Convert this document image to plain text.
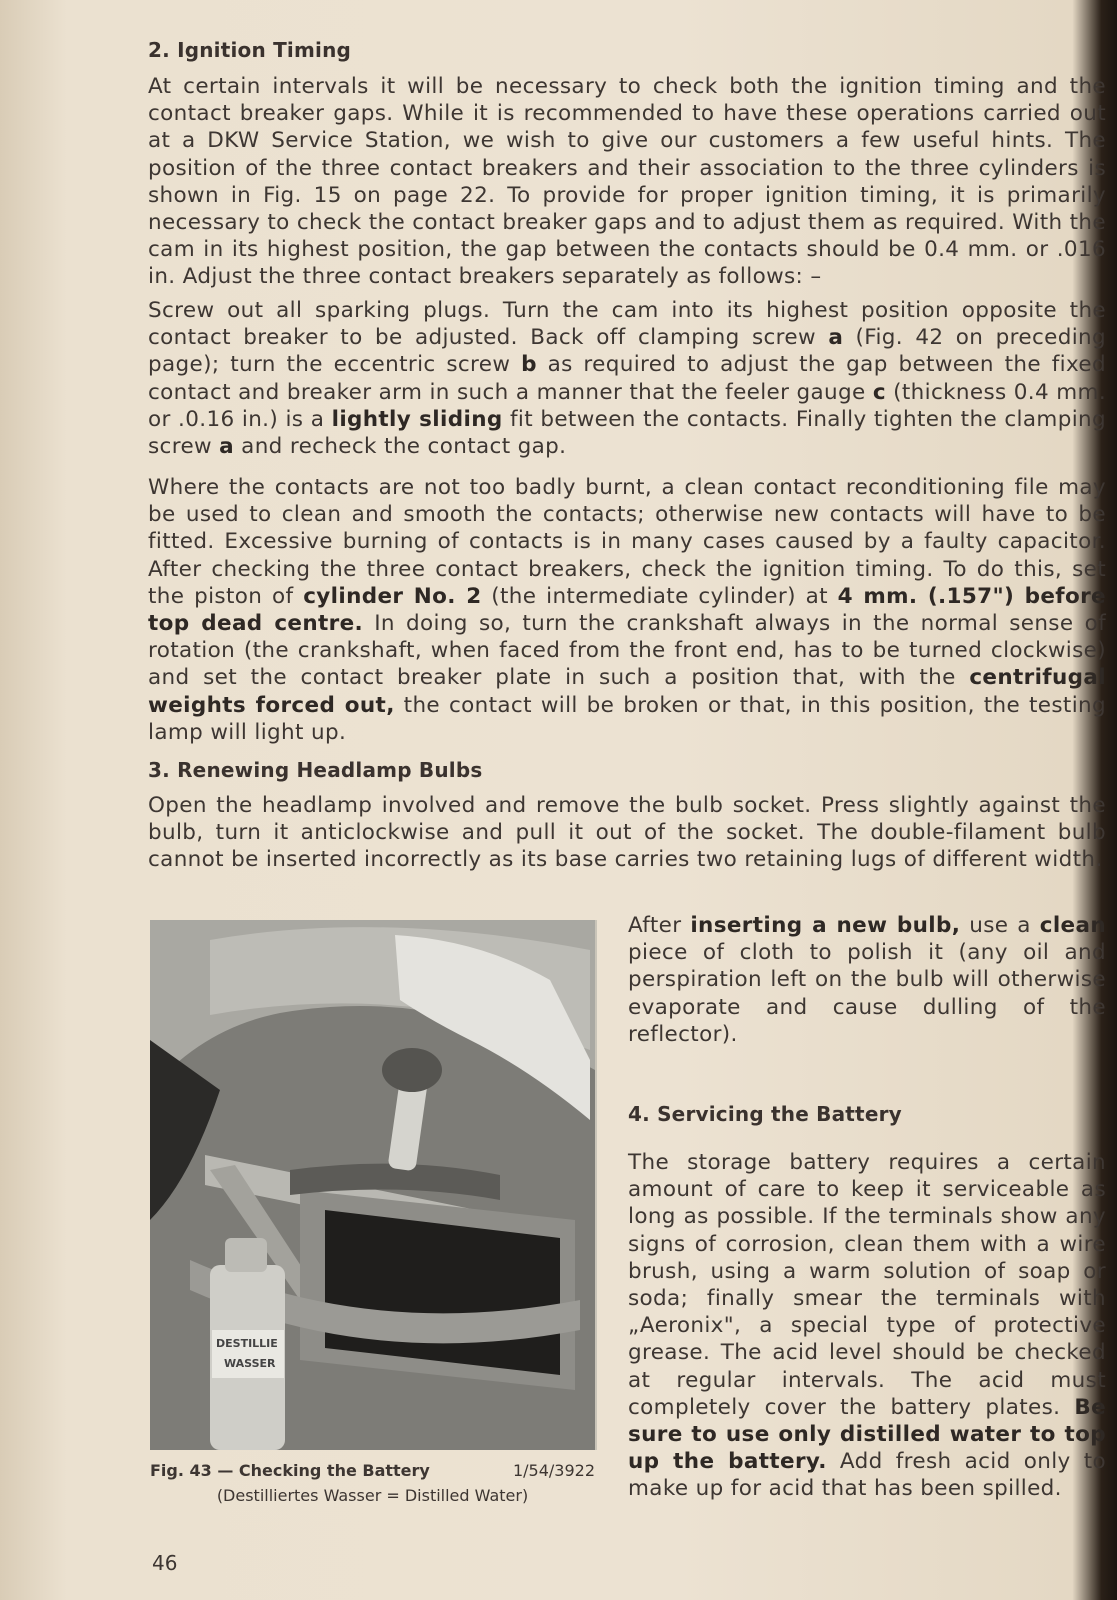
2. Ignition Timing

At certain intervals it will be necessary to check both the ignition timing and the contact breaker gaps. While it is recommended to have these operations carried out at a DKW Service Station, we wish to give our customers a few useful hints. The position of the three contact breakers and their association to the three cylinders is shown in Fig. 15 on page 22. To provide for proper ignition timing, it is primarily necessary to check the contact breaker gaps and to adjust them as required. With the cam in its highest position, the gap between the contacts should be 0.4 mm. or .016 in. Adjust the three contact breakers separately as follows: –

Screw out all sparking plugs. Turn the cam into its highest position opposite the contact breaker to be adjusted. Back off clamping screw a (Fig. 42 on preceding page); turn the eccentric screw b as required to adjust the gap between the fixed contact and breaker arm in such a manner that the feeler gauge c (thickness 0.4 mm. or .0.16 in.) is a lightly sliding fit between the contacts. Finally tighten the clamping screw a and recheck the contact gap.

Where the contacts are not too badly burnt, a clean contact reconditioning file may be used to clean and smooth the contacts; otherwise new contacts will have to be fitted. Excessive burning of contacts is in many cases caused by a faulty capacitor. After checking the three contact breakers, check the ignition timing. To do this, set the piston of cylinder No. 2 (the intermediate cylinder) at 4 mm. (.157") before top dead centre. In doing so, turn the crankshaft always in the normal sense of rotation (the crankshaft, when faced from the front end, has to be turned clockwise) and set the contact breaker plate in such a position that, with the centrifugal weights forced out, the contact will be broken or that, in this position, the testing lamp will light up.

3. Renewing Headlamp Bulbs

Open the headlamp involved and remove the bulb socket. Press slightly against the bulb, turn it anticlockwise and pull it out of the socket. The double-filament bulb cannot be inserted incorrectly as its base carries two retaining lugs of different width.

After inserting a new bulb, use a clean piece of cloth to polish it (any oil and perspiration left on the bulb will otherwise evaporate and cause dulling of the reflector).

4. Servicing the Battery

The storage battery requires a certain amount of care to keep it serviceable as long as possible. If the terminals show any signs of corrosion, clean them with a wire brush, using a warm solution of soap or soda; finally smear the terminals with „Aeronix", a special type of protective grease. The acid level should be checked at regular intervals. The acid must completely cover the battery plates. Be sure to use only distilled water to top up the battery. Add fresh acid only to make up for acid that has been spilled.

DESTILLIE
WASSER
Fig. 43 — Checking the Battery	1/54/3922
(Destilliertes Wasser = Distilled Water)
46
